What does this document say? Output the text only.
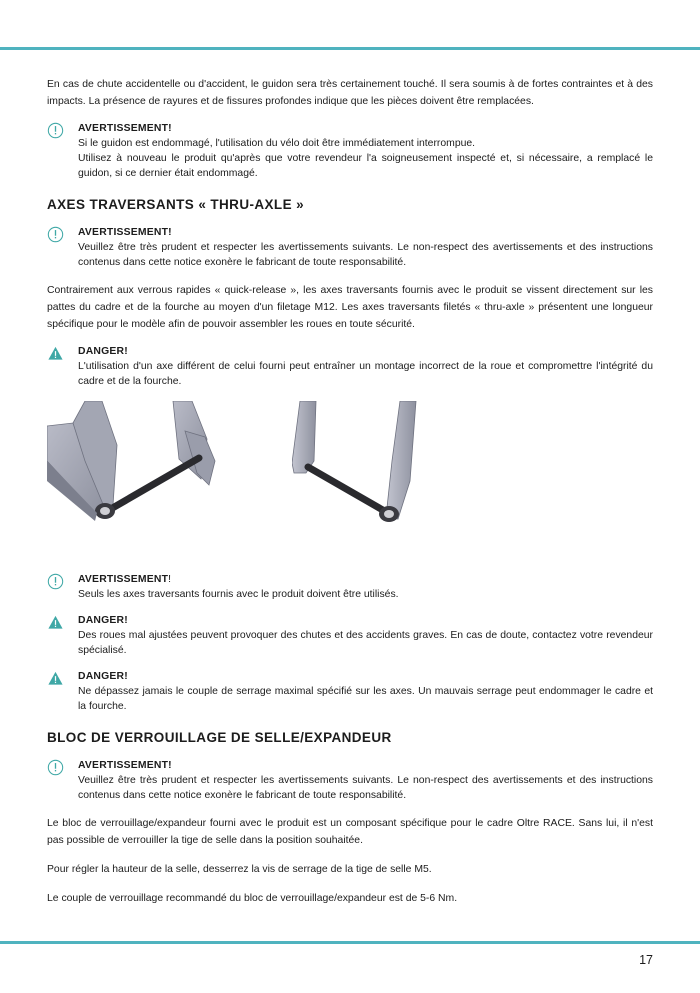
En cas de chute accidentelle ou d'accident, le guidon sera très certainement touché. Il sera soumis à de fortes contraintes et à des impacts. La présence de rayures et de fissures profondes indique que les pièces doivent être remplacées.

AVERTISSEMENT!
Si le guidon est endommagé, l'utilisation du vélo doit être immédiatement interrompue.
Utilisez à nouveau le produit qu'après que votre revendeur l'a soigneusement inspecté et, si nécessaire, a remplacé le guidon, si ce dernier était endommagé.
AXES TRAVERSANTS « THRU-AXLE »
AVERTISSEMENT!
Veuillez être très prudent et respecter les avertissements suivants. Le non-respect des avertissements et des instructions contenus dans cette notice exonère le fabricant de toute responsabilité.

Contrairement aux verrous rapides « quick-release », les axes traversants fournis avec le produit se vissent directement sur les pattes du cadre et de la fourche au moyen d'un filetage M12. Les axes traversants filetés « thru-axle » présentent une longueur spécifique pour le modèle afin de pouvoir assembler les roues en toute sécurité.

DANGER!
L'utilisation d'un axe différent de celui fourni peut entraîner un montage incorrect de la roue et compromettre l'intégrité du cadre et de la fourche.
AVERTISSEMENT!
Seuls les axes traversants fournis avec le produit doivent être utilisés.
DANGER!
Des roues mal ajustées peuvent provoquer des chutes et des accidents graves. En cas de doute, contactez votre revendeur spécialisé.
DANGER!
Ne dépassez jamais le couple de serrage maximal spécifié sur les axes. Un mauvais serrage peut endommager le cadre et la fourche.
BLOC DE VERROUILLAGE DE SELLE/EXPANDEUR
AVERTISSEMENT!
Veuillez être très prudent et respecter les avertissements suivants. Le non-respect des avertissements et des instructions contenus dans cette notice exonère le fabricant de toute responsabilité.

Le bloc de verrouillage/expandeur fourni avec le produit est un composant spécifique pour le cadre Oltre RACE. Sans lui, il n'est pas possible de verrouiller la tige de selle dans la position souhaitée.

Pour régler la hauteur de la selle, desserrez la vis de serrage de la tige de selle M5.

Le couple de verrouillage recommandé du bloc de verrouillage/expandeur est de 5-6 Nm.

17
